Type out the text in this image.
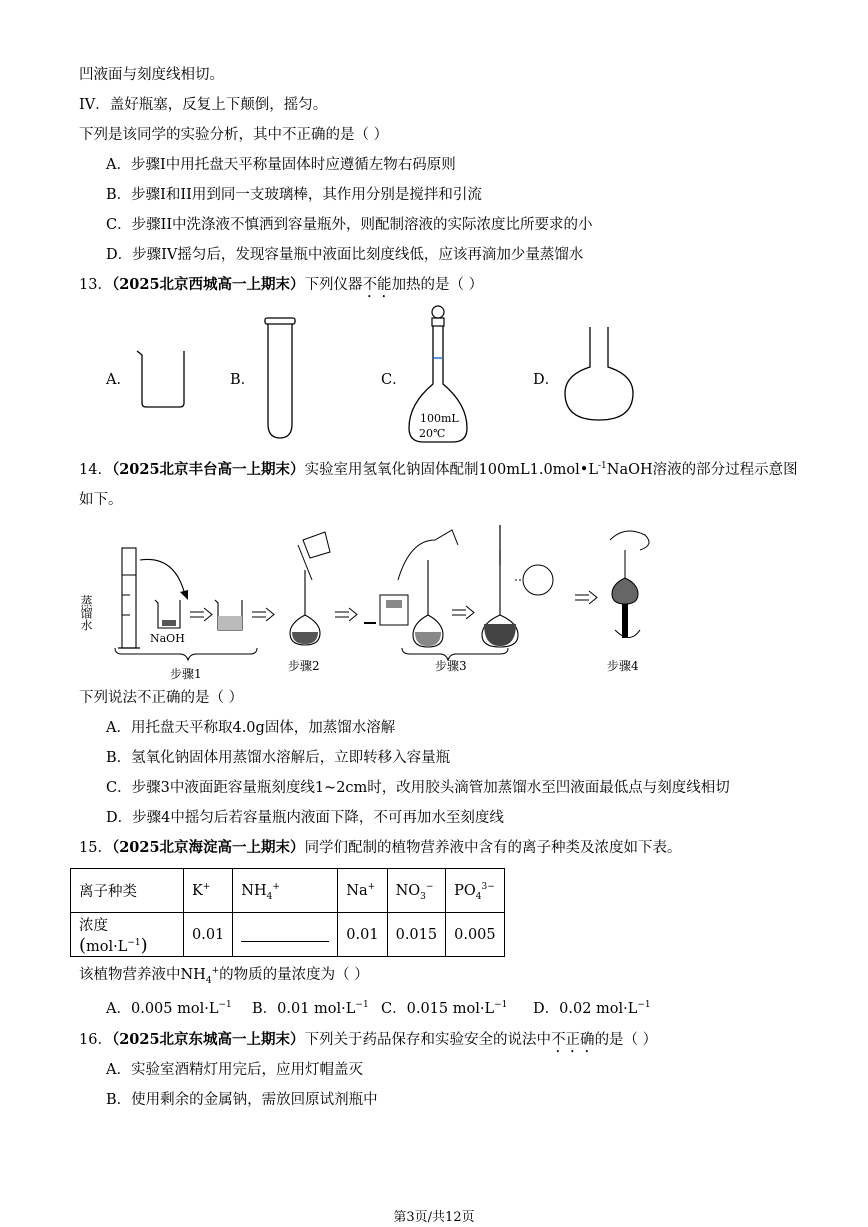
凹液面与刻度线相切。
IV．盖好瓶塞，反复上下颠倒，摇匀。
下列是该同学的实验分析，其中不正确的是（ ）
A．步骤I中用托盘天平称量固体时应遵循左物右码原则
B．步骤I和II用到同一支玻璃棒，其作用分别是搅拌和引流
C．步骤II中洗涤液不慎洒到容量瓶外，则配制溶液的实际浓度比所要求的小
D．步骤IV摇匀后，发现容量瓶中液面比刻度线低，应该再滴加少量蒸馏水
13．（2025北京西城高一上期末）下列仪器不能加热的是（ ）
A．	B．	C．	D．
100mL
20℃
14．（2025北京丰台高一上期末）实验室用氢氧化钠固体配制$100mL1.0mol•L^{-1}NaOH$溶液的部分过程示意图
如下。
蒸馏水
NaOH
步骤1
步骤2	步骤3	步骤4
下列说法不正确的是（ ）
A．用托盘天平称取4.0g固体，加蒸馏水溶解
B．氢氧化钠固体用蒸馏水溶解后，立即转移入容量瓶
C．步骤3中液面距容量瓶刻度线1~2cm时，改用胶头滴管加蒸馏水至凹液面最低点与刻度线相切
D．步骤4中摇匀后若容量瓶内液面下降，不可再加水至刻度线
15．（2025北京海淀高一上期末）同学们配制的植物营养液中含有的离子种类及浓度如下表。
离子种类	K+	$NH_4^+$	Na+	$NO_3^-$	$PO_4^{3-}$
浓度$(mol\cdot L^{-1})$	0.01		0.01	0.015	0.005
该植物营养液中$NH_4^+$的物质的量浓度为（ ）
A．0.005 $mol\cdot L^{-1}$ B．0.01 $mol\cdot L^{-1}$ C．0.015 $mol\cdot L^{-1}$ D．0.02 $mol\cdot L^{-1}$
16．（2025北京东城高一上期末）下列关于药品保存和实验安全的说法中不正确的是（ ）
A．实验室酒精灯用完后，应用灯帽盖灭
B．使用剩余的金属钠，需放回原试剂瓶中
第3页/共12页
